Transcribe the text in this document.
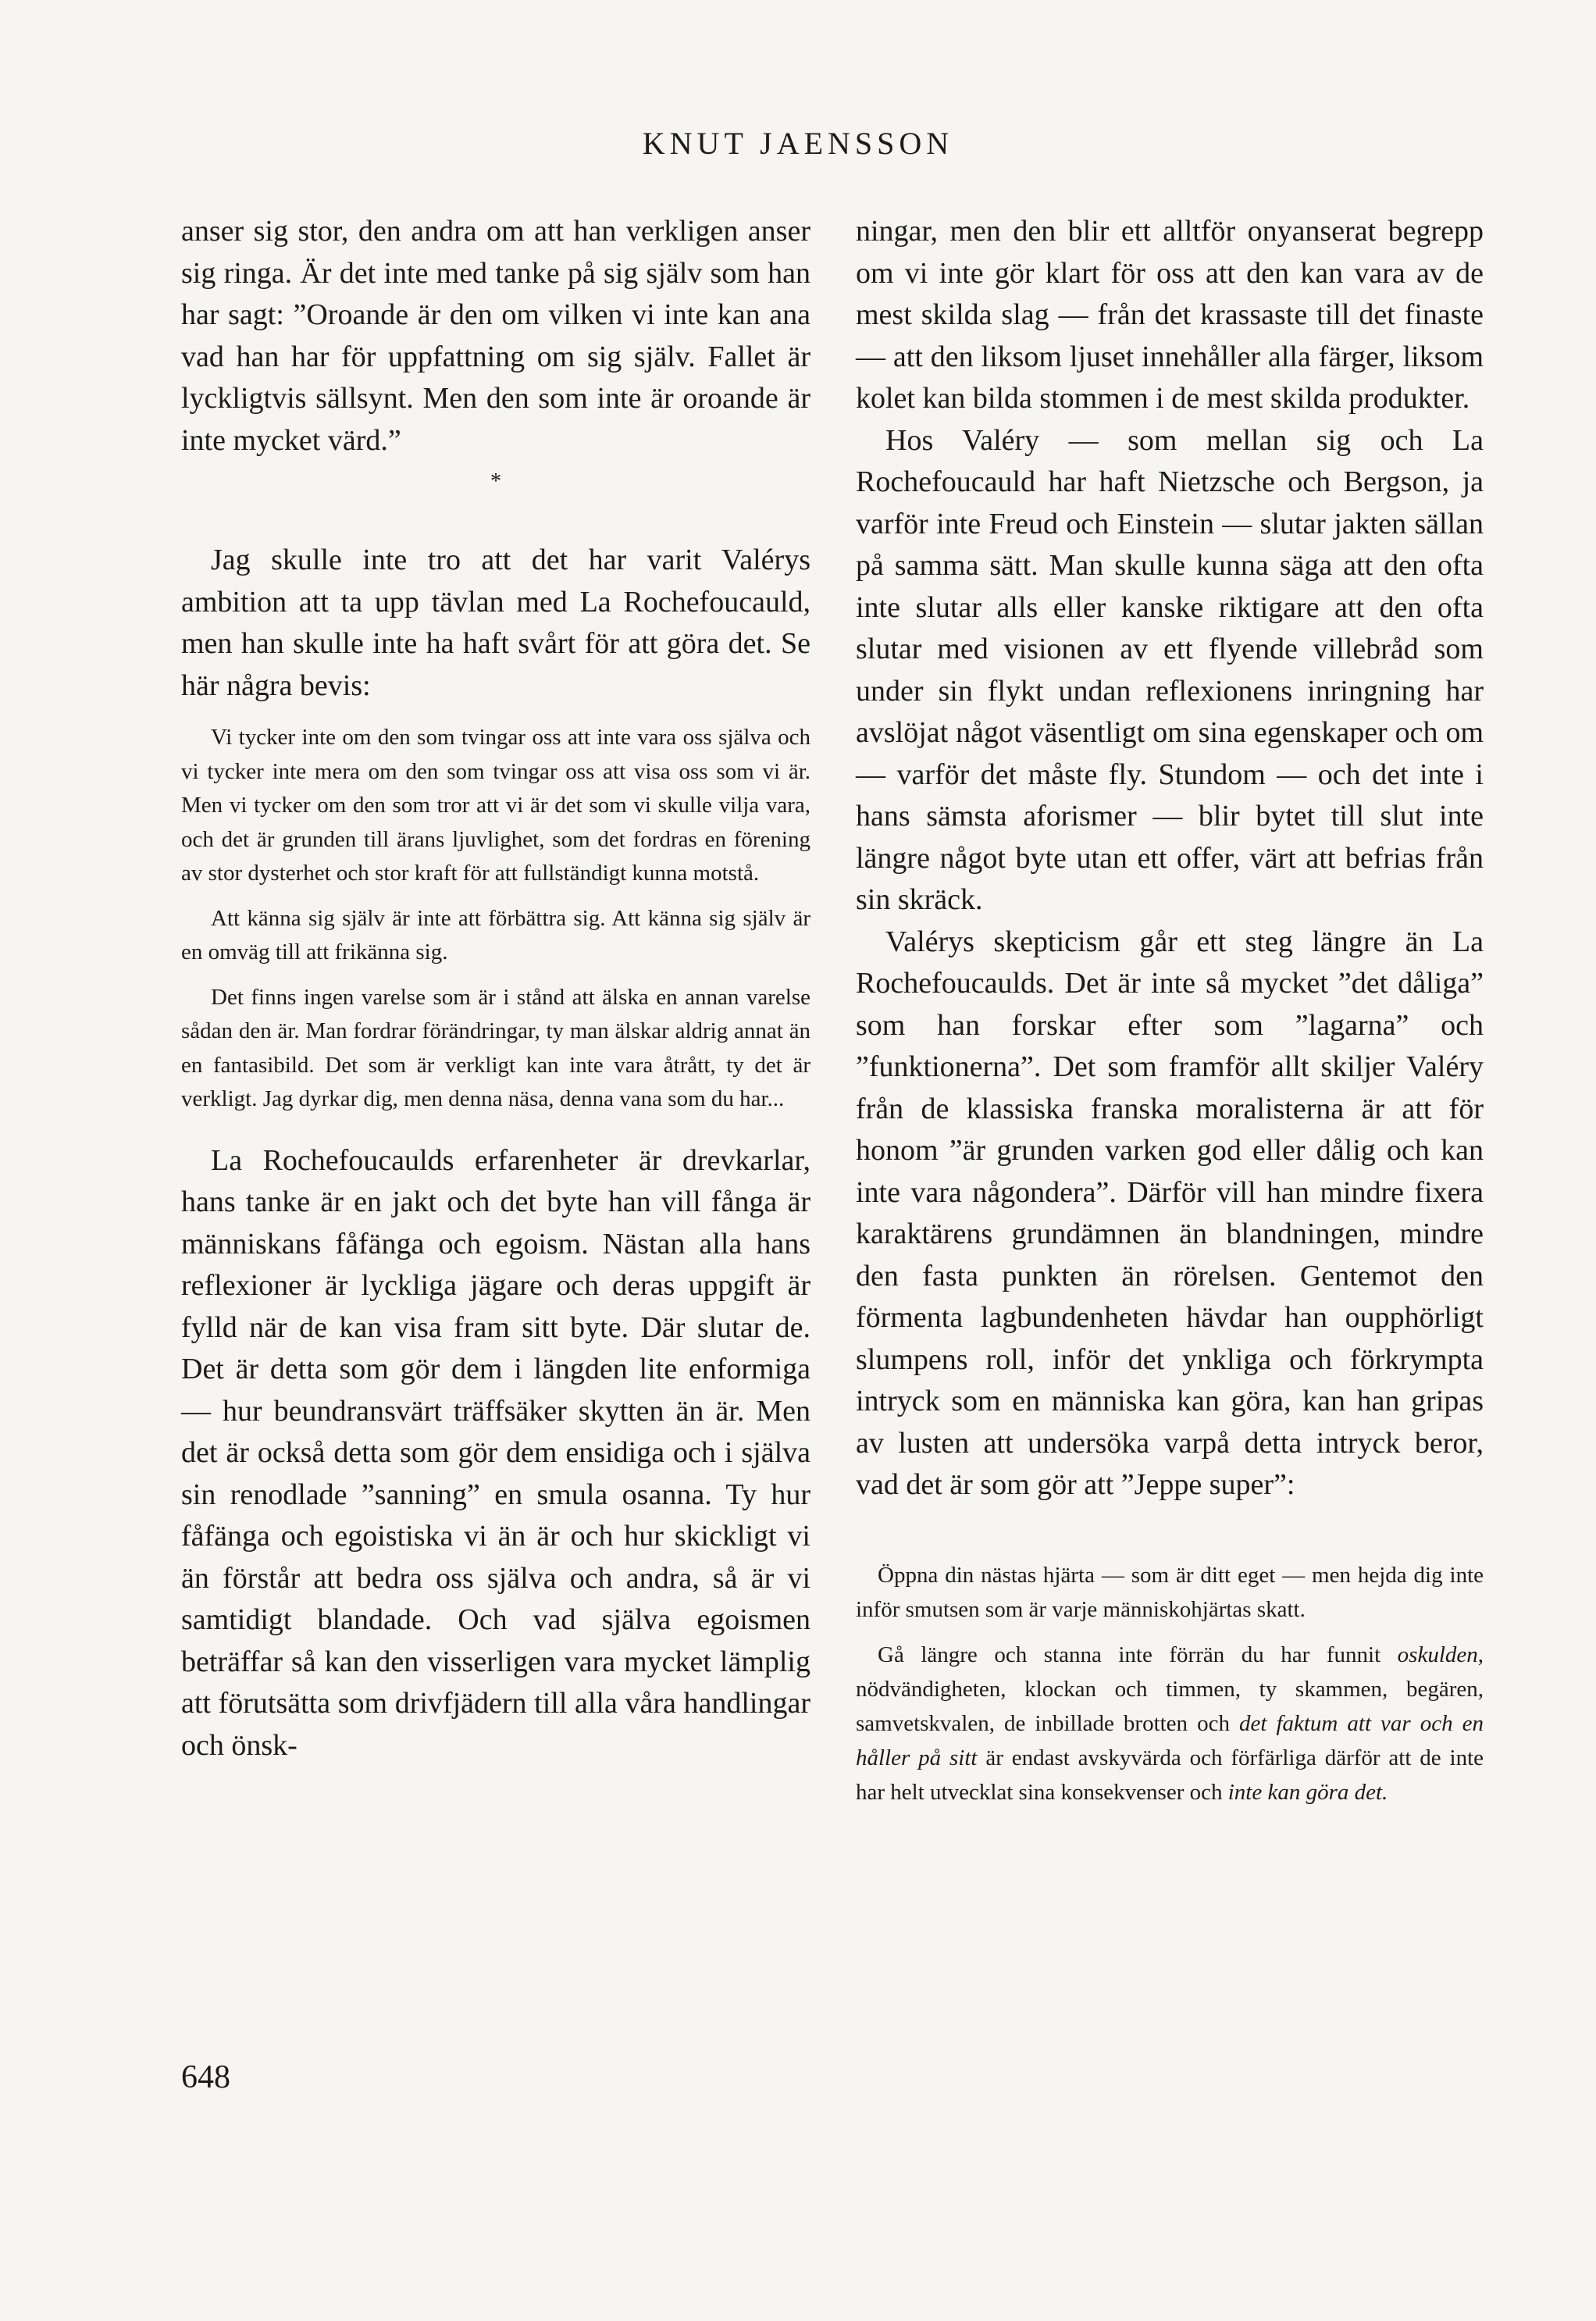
KNUT JAENSSON

anser sig stor, den andra om att han verkligen anser sig ringa. Är det inte med tanke på sig själv som han har sagt: ”Oroande är den om vilken vi inte kan ana vad han har för uppfattning om sig själv. Fallet är lyckligtvis sällsynt. Men den som inte är oroande är inte mycket värd.”

*

Jag skulle inte tro att det har varit Valérys ambition att ta upp tävlan med La Rochefoucauld, men han skulle inte ha haft svårt för att göra det. Se här några bevis:

Vi tycker inte om den som tvingar oss att inte vara oss själva och vi tycker inte mera om den som tvingar oss att visa oss som vi är. Men vi tycker om den som tror att vi är det som vi skulle vilja vara, och det är grunden till ärans ljuvlighet, som det fordras en förening av stor dysterhet och stor kraft för att fullständigt kunna motstå.

Att känna sig själv är inte att förbättra sig. Att känna sig själv är en omväg till att frikänna sig.

Det finns ingen varelse som är i stånd att älska en annan varelse sådan den är. Man fordrar förändringar, ty man älskar aldrig annat än en fantasibild. Det som är verkligt kan inte vara åtrått, ty det är verkligt. Jag dyrkar dig, men denna näsa, denna vana som du har...

La Rochefoucaulds erfarenheter är drevkarlar, hans tanke är en jakt och det byte han vill fånga är människans fåfänga och egoism. Nästan alla hans reflexioner är lyckliga jägare och deras uppgift är fylld när de kan visa fram sitt byte. Där slutar de. Det är detta som gör dem i längden lite enformiga — hur beundransvärt träffsäker skytten än är. Men det är också detta som gör dem ensidiga och i själva sin renodlade ”sanning” en smula osanna. Ty hur fåfänga och egoistiska vi än är och hur skickligt vi än förstår att bedra oss själva och andra, så är vi samtidigt blandade. Och vad själva egoismen beträffar så kan den visserligen vara mycket lämplig att förutsätta som drivfjädern till alla våra handlingar och önsk-

ningar, men den blir ett alltför onyanserat begrepp om vi inte gör klart för oss att den kan vara av de mest skilda slag — från det krassaste till det finaste — att den liksom ljuset innehåller alla färger, liksom kolet kan bilda stommen i de mest skilda produkter.

Hos Valéry — som mellan sig och La Rochefoucauld har haft Nietzsche och Bergson, ja varför inte Freud och Einstein — slutar jakten sällan på samma sätt. Man skulle kunna säga att den ofta inte slutar alls eller kanske riktigare att den ofta slutar med visionen av ett flyende villebråd som under sin flykt undan reflexionens inringning har avslöjat något väsentligt om sina egenskaper och om — varför det måste fly. Stundom — och det inte i hans sämsta aforismer — blir bytet till slut inte längre något byte utan ett offer, värt att befrias från sin skräck.

Valérys skepticism går ett steg längre än La Rochefoucaulds. Det är inte så mycket ”det dåliga” som han forskar efter som ”lagarna” och ”funktionerna”. Det som framför allt skiljer Valéry från de klassiska franska moralisterna är att för honom ”är grunden varken god eller dålig och kan inte vara någondera”. Därför vill han mindre fixera karaktärens grundämnen än blandningen, mindre den fasta punkten än rörelsen. Gentemot den förmenta lagbundenheten hävdar han oupphörligt slumpens roll, inför det ynkliga och förkrympta intryck som en människa kan göra, kan han gripas av lusten att undersöka varpå detta intryck beror, vad det är som gör att ”Jeppe super”:

Öppna din nästas hjärta — som är ditt eget — men hejda dig inte inför smutsen som är varje människohjärtas skatt.

Gå längre och stanna inte förrän du har funnit oskulden, nödvändigheten, klockan och timmen, ty skammen, begären, samvetskvalen, de inbillade brotten och det faktum att var och en håller på sitt är endast avskyvärda och förfärliga därför att de inte har helt utvecklat sina konsekvenser och inte kan göra det.

648
